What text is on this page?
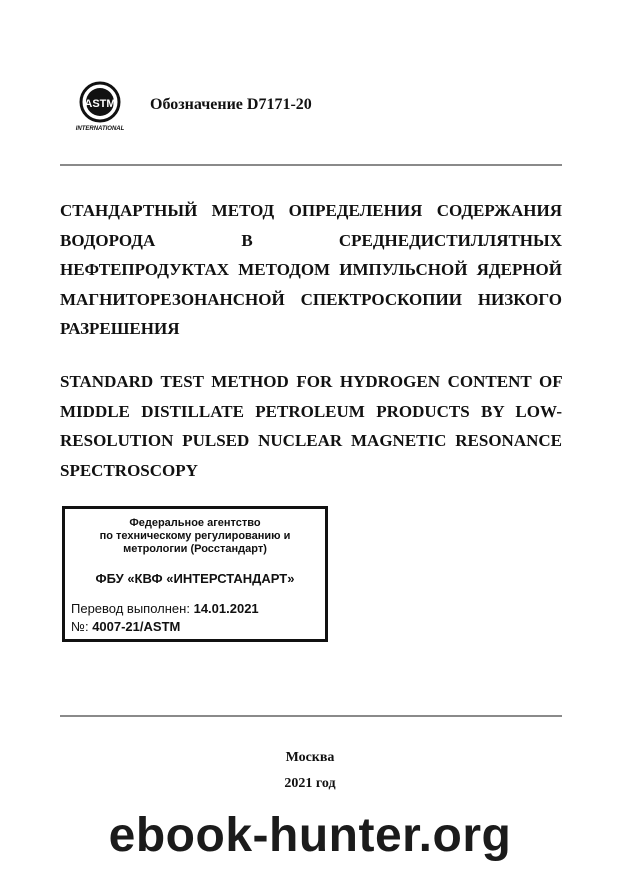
ASTM
INTERNATIONAL
Обозначение D7171-20

СТАНДАРТНЫЙ МЕТОД ОПРЕДЕЛЕНИЯ СОДЕРЖАНИЯ ВОДОРОДА В СРЕДНЕДИСТИЛЛЯТНЫХ НЕФТЕПРОДУКТАХ МЕТОДОМ ИМПУЛЬСНОЙ ЯДЕРНОЙ МАГНИТОРЕЗОНАНСНОЙ СПЕКТРОСКОПИИ НИЗКОГО РАЗРЕШЕНИЯ

STANDARD TEST METHOD FOR HYDROGEN CONTENT OF MIDDLE DISTILLATE PETROLEUM PRODUCTS BY LOW- RESOLUTION PULSED NUCLEAR MAGNETIC RESONANCE SPECTROSCOPY

Федеральное агентство
по техническому регулированию и
метрологии (Росстандарт)

ФБУ «КВФ «ИНТЕРСТАНДАРТ»
Перевод выполнен: 14.01.2021
№: 4007-21/ASTM
Москва
2021 год
ebook-hunter.org
